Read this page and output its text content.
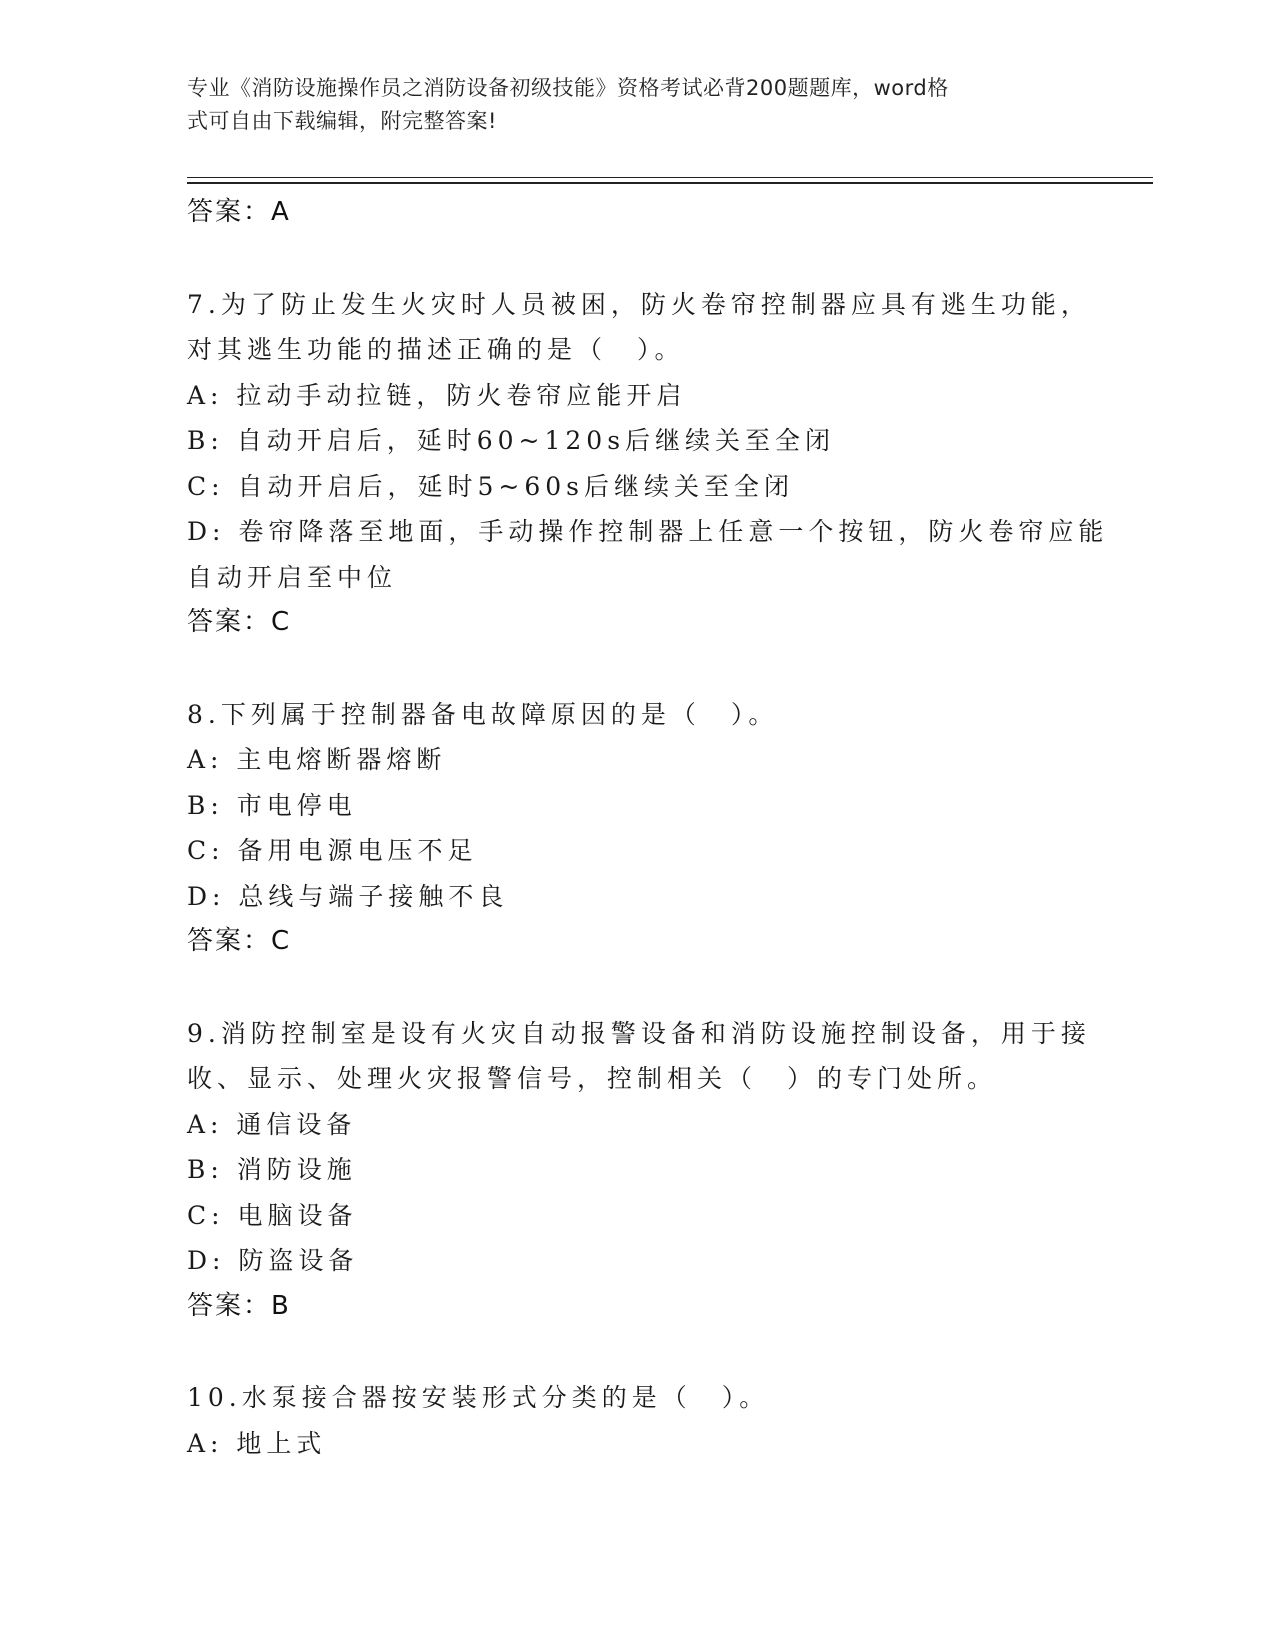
专业《消防设施操作员之消防设备初级技能》资格考试必背200题题库，word格
式可自由下载编辑，附完整答案!
答案：A
7.为了防止发生火灾时人员被困，防火卷帘控制器应具有逃生功能，
对其逃生功能的描述正确的是（　）。
A: 拉动手动拉链，防火卷帘应能开启
B: 自动开启后，延时60~120s后继续关至全闭
C: 自动开启后，延时5~60s后继续关至全闭
D: 卷帘降落至地面，手动操作控制器上任意一个按钮，防火卷帘应能
自动开启至中位
答案：C
8.下列属于控制器备电故障原因的是（　）。
A: 主电熔断器熔断
B: 市电停电
C: 备用电源电压不足
D: 总线与端子接触不良
答案：C
9.消防控制室是设有火灾自动报警设备和消防设施控制设备，用于接
收、显示、处理火灾报警信号，控制相关（　）的专门处所。
A: 通信设备
B: 消防设施
C: 电脑设备
D: 防盗设备
答案：B
10.水泵接合器按安装形式分类的是（　）。
A: 地上式
